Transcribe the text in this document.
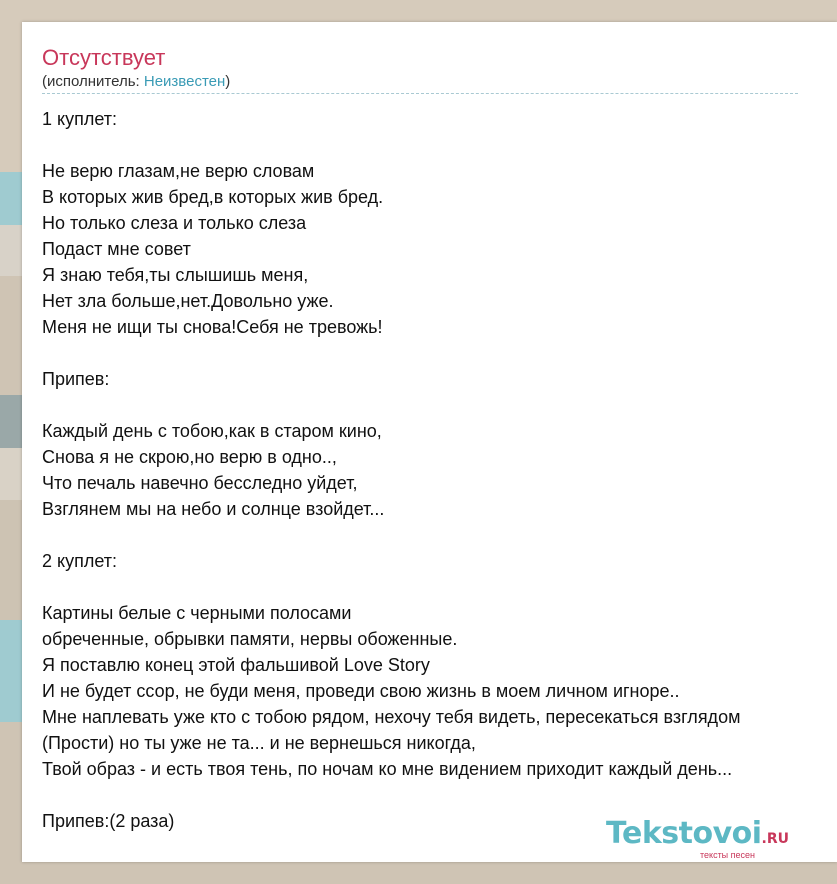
Отсутствует
(исполнитель: Неизвестен)
1 куплет:
Не верю глазам,не верю словам
В которых жив бред,в которых жив бред.
Но только слеза и только слеза
Подаст мне совет
Я знаю тебя,ты слышишь меня,
Нет зла больше,нет.Довольно уже.
Меня не ищи ты снова!Себя не тревожь!
Припев:
Каждый день с тобою,как в старом кино,
Снова я не скрою,но верю в одно..,
Что печаль навечно бесследно уйдет,
Взглянем мы на небо и солнце взойдет...
2 куплет:
Картины белые с черными полосами
обреченные, обрывки памяти, нервы обоженные.
Я поставлю конец этой фальшивой Love Story
И не будет ссор, не буди меня, проведи свою жизнь в моем личном игноре..
Мне наплевать уже кто с тобою рядом, нехочу тебя видеть, пересекаться взглядом
(Прости) но ты уже не та... и не вернешься никогда,
Твой образ - и есть твоя тень, по ночам ко мне видением приходит каждый день...
Припев:(2 раза)	Tekstovoi.RU
тексты песен
